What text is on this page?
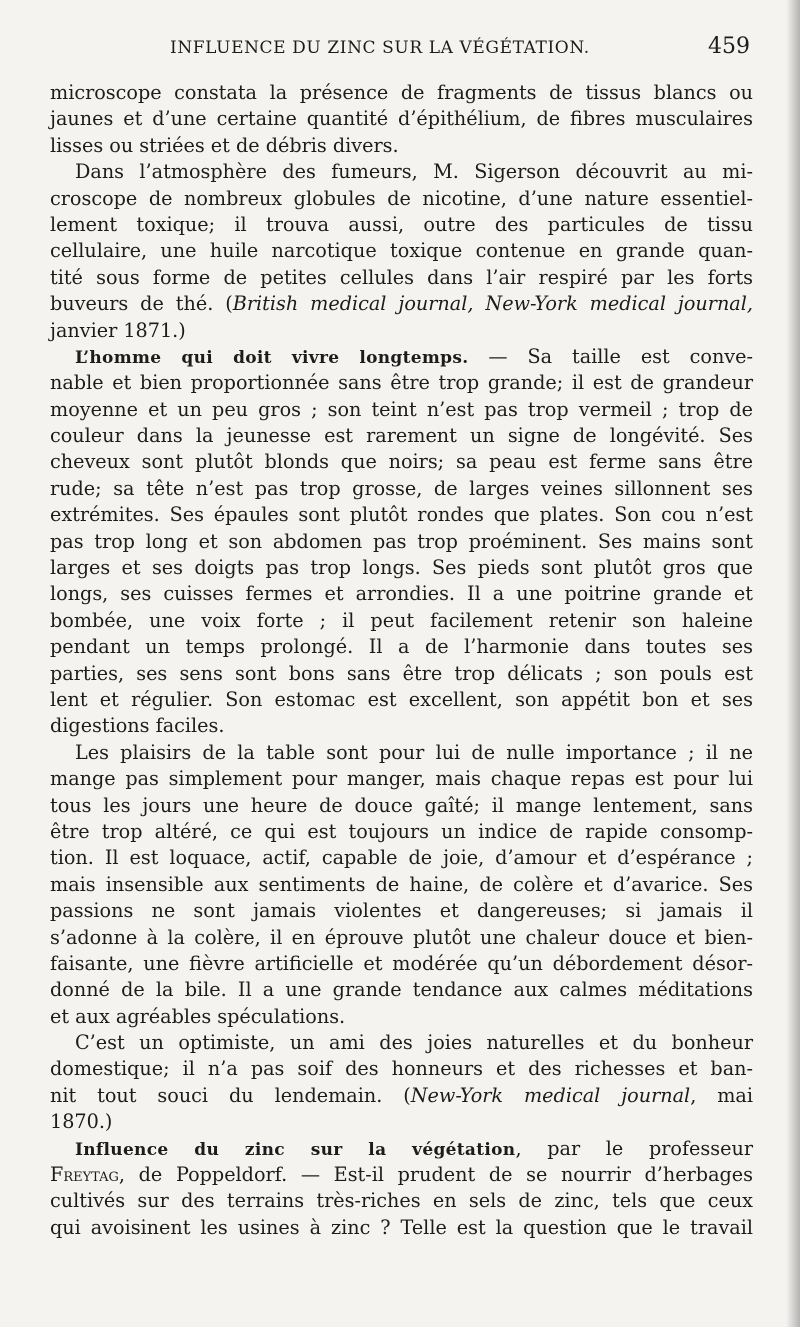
INFLUENCE DU ZINC SUR LA VÉGÉTATION.	459
microscope constata la présence de fragments de tissus blancs ou
jaunes et d’une certaine quantité d’épithélium, de fibres musculaires
lisses ou striées et de débris divers.
Dans l’atmosphère des fumeurs, M. Sigerson découvrit au mi-
croscope de nombreux globules de nicotine, d’une nature essentiel-
lement toxique; il trouva aussi, outre des particules de tissu
cellulaire, une huile narcotique toxique contenue en grande quan-
tité sous forme de petites cellules dans l’air respiré par les forts
buveurs de thé. (British medical journal, New-York medical journal,
janvier 1871.)
L’homme qui doit vivre longtemps. — Sa taille est conve-
nable et bien proportionnée sans être trop grande; il est de grandeur
moyenne et un peu gros ; son teint n’est pas trop vermeil ; trop de
couleur dans la jeunesse est rarement un signe de longévité. Ses
cheveux sont plutôt blonds que noirs; sa peau est ferme sans être
rude; sa tête n’est pas trop grosse, de larges veines sillonnent ses
extrémites. Ses épaules sont plutôt rondes que plates. Son cou n’est
pas trop long et son abdomen pas trop proéminent. Ses mains sont
larges et ses doigts pas trop longs. Ses pieds sont plutôt gros que
longs, ses cuisses fermes et arrondies. Il a une poitrine grande et
bombée, une voix forte ; il peut facilement retenir son haleine
pendant un temps prolongé. Il a de l’harmonie dans toutes ses
parties, ses sens sont bons sans être trop délicats ; son pouls est
lent et régulier. Son estomac est excellent, son appétit bon et ses
digestions faciles.
Les plaisirs de la table sont pour lui de nulle importance ; il ne
mange pas simplement pour manger, mais chaque repas est pour lui
tous les jours une heure de douce gaîté; il mange lentement, sans
être trop altéré, ce qui est toujours un indice de rapide consomp-
tion. Il est loquace, actif, capable de joie, d’amour et d’espérance ;
mais insensible aux sentiments de haine, de colère et d’avarice. Ses
passions ne sont jamais violentes et dangereuses; si jamais il
s’adonne à la colère, il en éprouve plutôt une chaleur douce et bien-
faisante, une fièvre artificielle et modérée qu’un débordement désor-
donné de la bile. Il a une grande tendance aux calmes méditations
et aux agréables spéculations.
C’est un optimiste, un ami des joies naturelles et du bonheur
domestique; il n’a pas soif des honneurs et des richesses et ban-
nit tout souci du lendemain. (New-York medical journal, mai
1870.)
Influence du zinc sur la végétation, par le professeur
Freytag, de Poppeldorf. — Est-il prudent de se nourrir d’herbages
cultivés sur des terrains très-riches en sels de zinc, tels que ceux
qui avoisinent les usines à zinc ? Telle est la question que le travail
